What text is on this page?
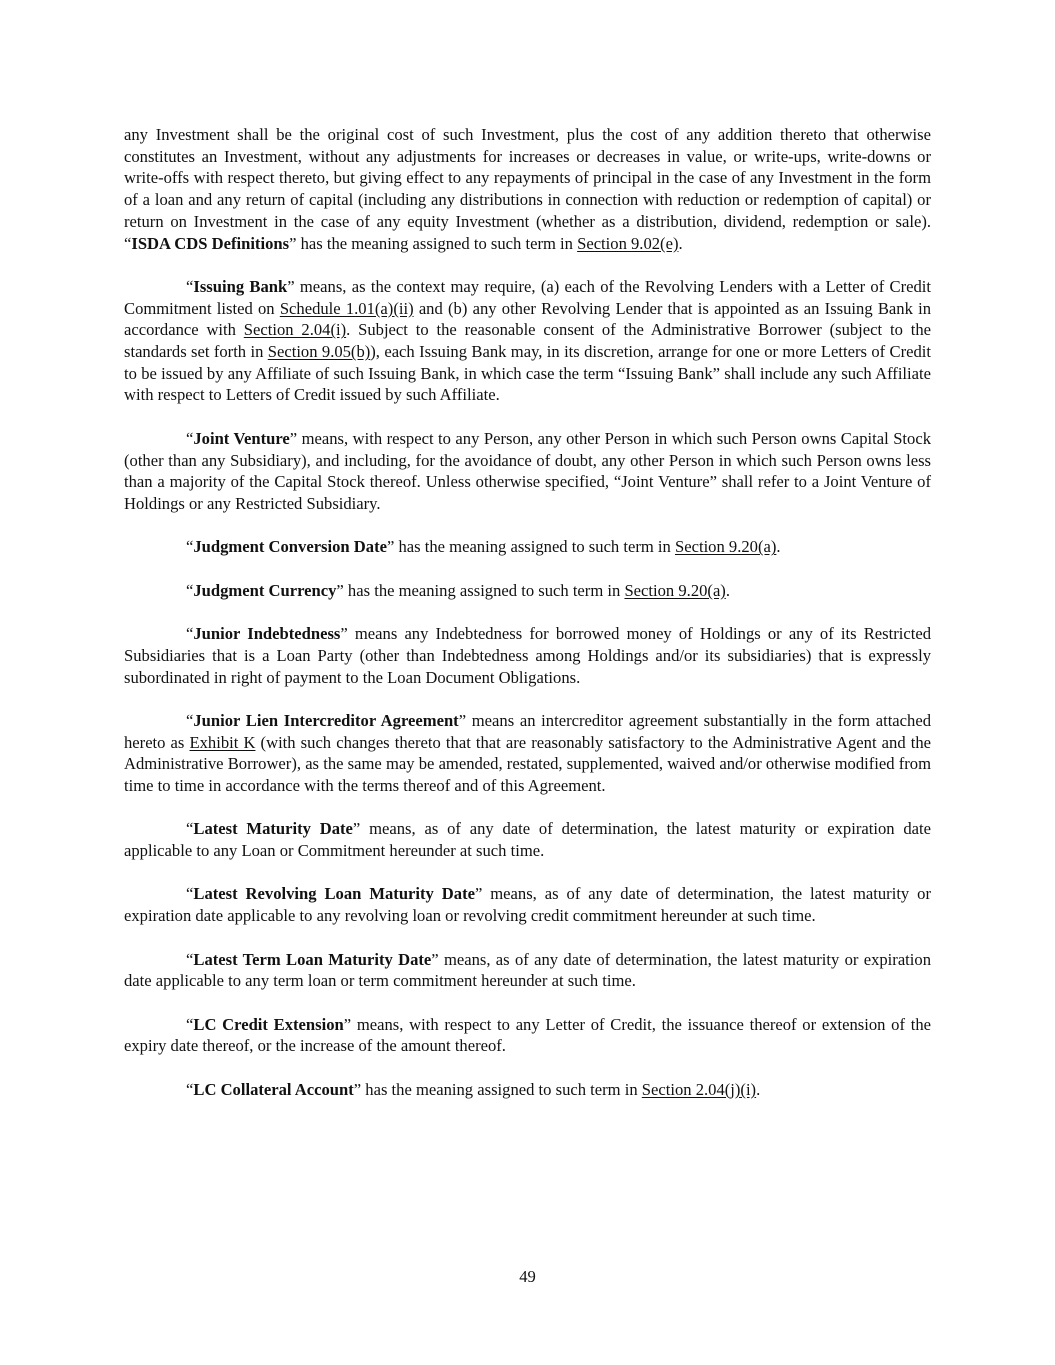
any Investment shall be the original cost of such Investment, plus the cost of any addition thereto that otherwise constitutes an Investment, without any adjustments for increases or decreases in value, or write-ups, write-downs or write-offs with respect thereto, but giving effect to any repayments of principal in the case of any Investment in the form of a loan and any return of capital (including any distributions in connection with reduction or redemption of capital) or return on Investment in the case of any equity Investment (whether as a distribution, dividend, redemption or sale). “ISDA CDS Definitions” has the meaning assigned to such term in Section 9.02(e).

“Issuing Bank” means, as the context may require, (a) each of the Revolving Lenders with a Letter of Credit Commitment listed on Schedule 1.01(a)(ii) and (b) any other Revolving Lender that is appointed as an Issuing Bank in accordance with Section 2.04(i). Subject to the reasonable consent of the Administrative Borrower (subject to the standards set forth in Section 9.05(b)), each Issuing Bank may, in its discretion, arrange for one or more Letters of Credit to be issued by any Affiliate of such Issuing Bank, in which case the term “Issuing Bank” shall include any such Affiliate with respect to Letters of Credit issued by such Affiliate.

“Joint Venture” means, with respect to any Person, any other Person in which such Person owns Capital Stock (other than any Subsidiary), and including, for the avoidance of doubt, any other Person in which such Person owns less than a majority of the Capital Stock thereof. Unless otherwise specified, “Joint Venture” shall refer to a Joint Venture of Holdings or any Restricted Subsidiary.

“Judgment Conversion Date” has the meaning assigned to such term in Section 9.20(a).

“Judgment Currency” has the meaning assigned to such term in Section 9.20(a).

“Junior Indebtedness” means any Indebtedness for borrowed money of Holdings or any of its Restricted Subsidiaries that is a Loan Party (other than Indebtedness among Holdings and/or its subsidiaries) that is expressly subordinated in right of payment to the Loan Document Obligations.

“Junior Lien Intercreditor Agreement” means an intercreditor agreement substantially in the form attached hereto as Exhibit K (with such changes thereto that that are reasonably satisfactory to the Administrative Agent and the Administrative Borrower), as the same may be amended, restated, supplemented, waived and/or otherwise modified from time to time in accordance with the terms thereof and of this Agreement.

“Latest Maturity Date” means, as of any date of determination, the latest maturity or expiration date applicable to any Loan or Commitment hereunder at such time.

“Latest Revolving Loan Maturity Date” means, as of any date of determination, the latest maturity or expiration date applicable to any revolving loan or revolving credit commitment hereunder at such time.

“Latest Term Loan Maturity Date” means, as of any date of determination, the latest maturity or expiration date applicable to any term loan or term commitment hereunder at such time.

“LC Credit Extension” means, with respect to any Letter of Credit, the issuance thereof or extension of the expiry date thereof, or the increase of the amount thereof.

“LC Collateral Account” has the meaning assigned to such term in Section 2.04(j)(i).

49
